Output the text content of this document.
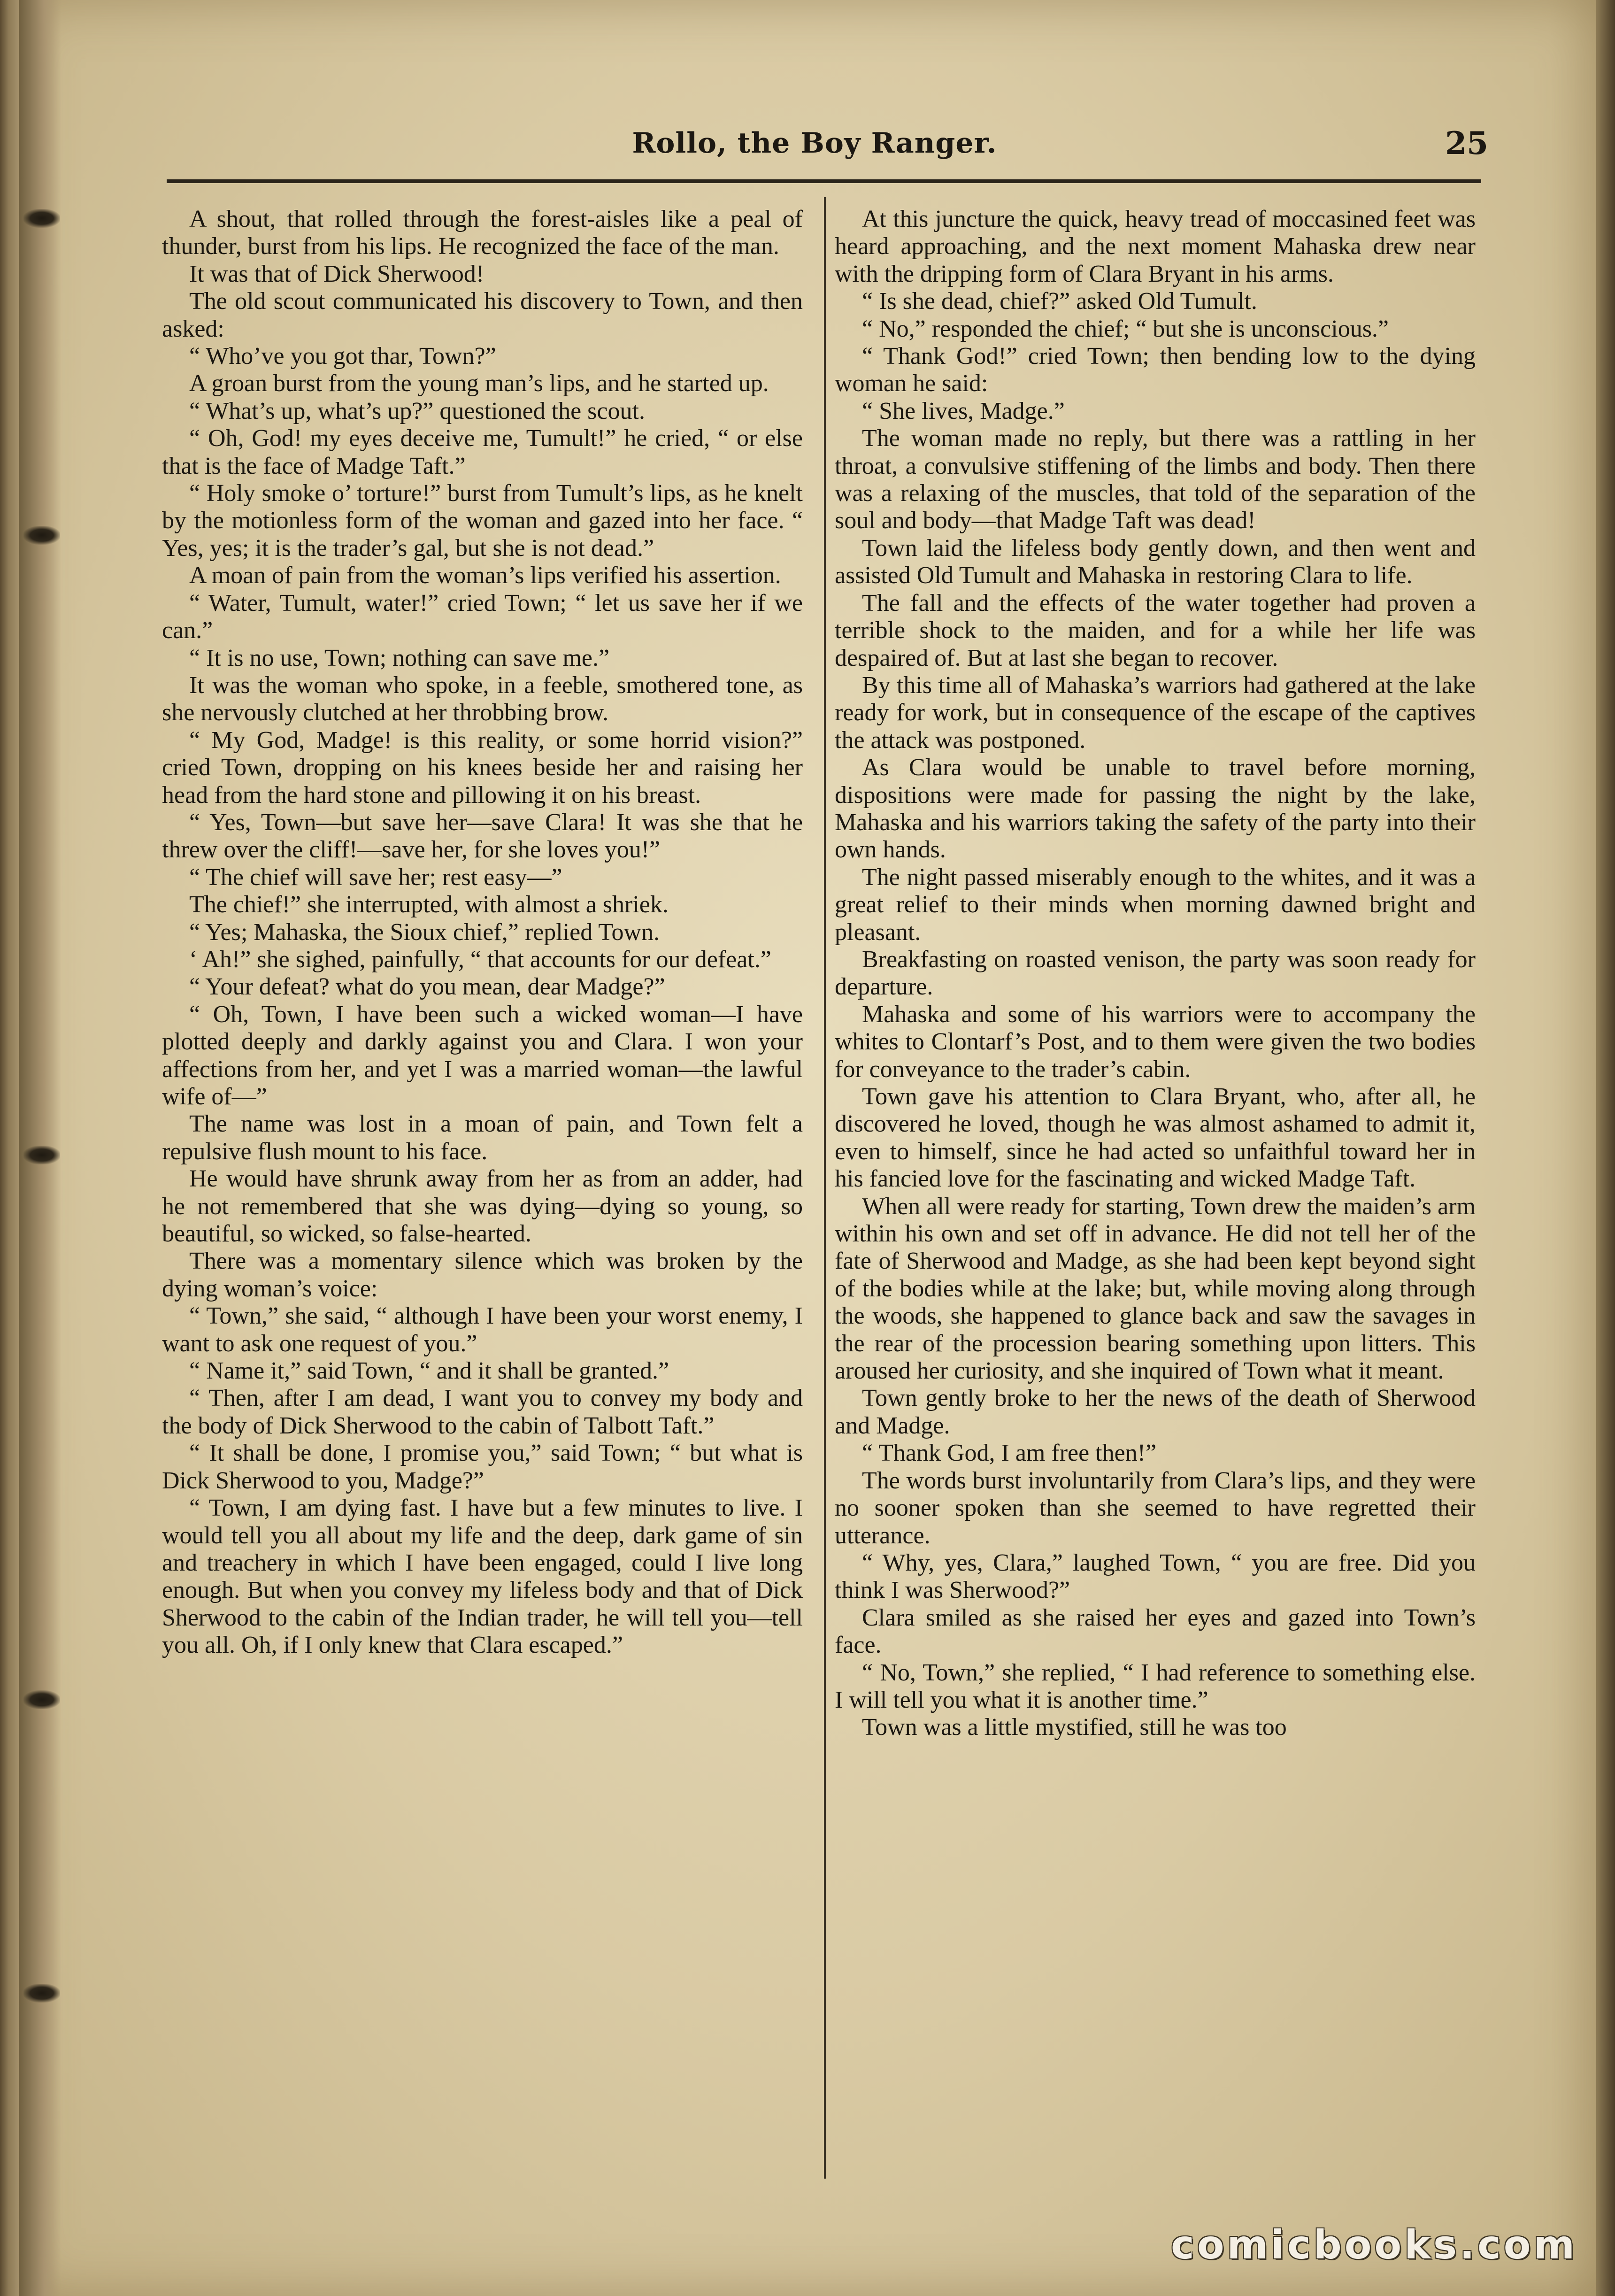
Rollo, the Boy Ranger.	25

A shout, that rolled through the forest-aisles like a peal of thunder, burst from his lips. He recognized the face of the man.

It was that of Dick Sherwood!

The old scout communicated his discovery to Town, and then asked:

“ Who’ve you got thar, Town?”

A groan burst from the young man’s lips, and he started up.

“ What’s up, what’s up?” questioned the scout.

“ Oh, God! my eyes deceive me, Tumult!” he cried, “ or else that is the face of Madge Taft.”

“ Holy smoke o’ torture!” burst from Tumult’s lips, as he knelt by the motionless form of the woman and gazed into her face. “ Yes, yes; it is the trader’s gal, but she is not dead.”

A moan of pain from the woman’s lips verified his assertion.

“ Water, Tumult, water!” cried Town; “ let us save her if we can.”

“ It is no use, Town; nothing can save me.”

It was the woman who spoke, in a feeble, smothered tone, as she nervously clutched at her throbbing brow.

“ My God, Madge! is this reality, or some horrid vision?” cried Town, dropping on his knees beside her and raising her head from the hard stone and pillowing it on his breast.

“ Yes, Town—but save her—save Clara! It was she that he threw over the cliff!—save her, for she loves you!”

“ The chief will save her; rest easy—”

The chief!” she interrupted, with almost a shriek.

“ Yes; Mahaska, the Sioux chief,” replied Town.

‘ Ah!” she sighed, painfully, “ that accounts for our defeat.”

“ Your defeat? what do you mean, dear Madge?”

“ Oh, Town, I have been such a wicked woman—I have plotted deeply and darkly against you and Clara. I won your affections from her, and yet I was a married woman—the lawful wife of—”

The name was lost in a moan of pain, and Town felt a repulsive flush mount to his face.

He would have shrunk away from her as from an adder, had he not remembered that she was dying—dying so young, so beautiful, so wicked, so false-hearted.

There was a momentary silence which was broken by the dying woman’s voice:

“ Town,” she said, “ although I have been your worst enemy, I want to ask one request of you.”

“ Name it,” said Town, “ and it shall be granted.”

“ Then, after I am dead, I want you to convey my body and the body of Dick Sherwood to the cabin of Talbott Taft.”

“ It shall be done, I promise you,” said Town; “ but what is Dick Sherwood to you, Madge?”

“ Town, I am dying fast. I have but a few minutes to live. I would tell you all about my life and the deep, dark game of sin and treachery in which I have been engaged, could I live long enough. But when you convey my lifeless body and that of Dick Sherwood to the cabin of the Indian trader, he will tell you—tell you all. Oh, if I only knew that Clara escaped.”

At this juncture the quick, heavy tread of moccasined feet was heard approaching, and the next moment Mahaska drew near with the dripping form of Clara Bryant in his arms.

“ Is she dead, chief?” asked Old Tumult.

“ No,” responded the chief; “ but she is unconscious.”

“ Thank God!” cried Town; then bending low to the dying woman he said:

“ She lives, Madge.”

The woman made no reply, but there was a rattling in her throat, a convulsive stiffening of the limbs and body. Then there was a relaxing of the muscles, that told of the separation of the soul and body—that Madge Taft was dead!

Town laid the lifeless body gently down, and then went and assisted Old Tumult and Mahaska in restoring Clara to life.

The fall and the effects of the water together had proven a terrible shock to the maiden, and for a while her life was despaired of. But at last she began to recover.

By this time all of Mahaska’s warriors had gathered at the lake ready for work, but in consequence of the escape of the captives the attack was postponed.

As Clara would be unable to travel before morning, dispositions were made for passing the night by the lake, Mahaska and his warriors taking the safety of the party into their own hands.

The night passed miserably enough to the whites, and it was a great relief to their minds when morning dawned bright and pleasant.

Breakfasting on roasted venison, the party was soon ready for departure.

Mahaska and some of his warriors were to accompany the whites to Clontarf’s Post, and to them were given the two bodies for conveyance to the trader’s cabin.

Town gave his attention to Clara Bryant, who, after all, he discovered he loved, though he was almost ashamed to admit it, even to himself, since he had acted so unfaithful toward her in his fancied love for the fascinating and wicked Madge Taft.

When all were ready for starting, Town drew the maiden’s arm within his own and set off in advance. He did not tell her of the fate of Sherwood and Madge, as she had been kept beyond sight of the bodies while at the lake; but, while moving along through the woods, she happened to glance back and saw the savages in the rear of the procession bearing something upon litters. This aroused her curiosity, and she inquired of Town what it meant.

Town gently broke to her the news of the death of Sherwood and Madge.

“ Thank God, I am free then!”

The words burst involuntarily from Clara’s lips, and they were no sooner spoken than she seemed to have regretted their utterance.

“ Why, yes, Clara,” laughed Town, “ you are free. Did you think I was Sherwood?”

Clara smiled as she raised her eyes and gazed into Town’s face.

“ No, Town,” she replied, “ I had reference to something else. I will tell you what it is another time.”

Town was a little mystified, still he was too

comicbooks.com
